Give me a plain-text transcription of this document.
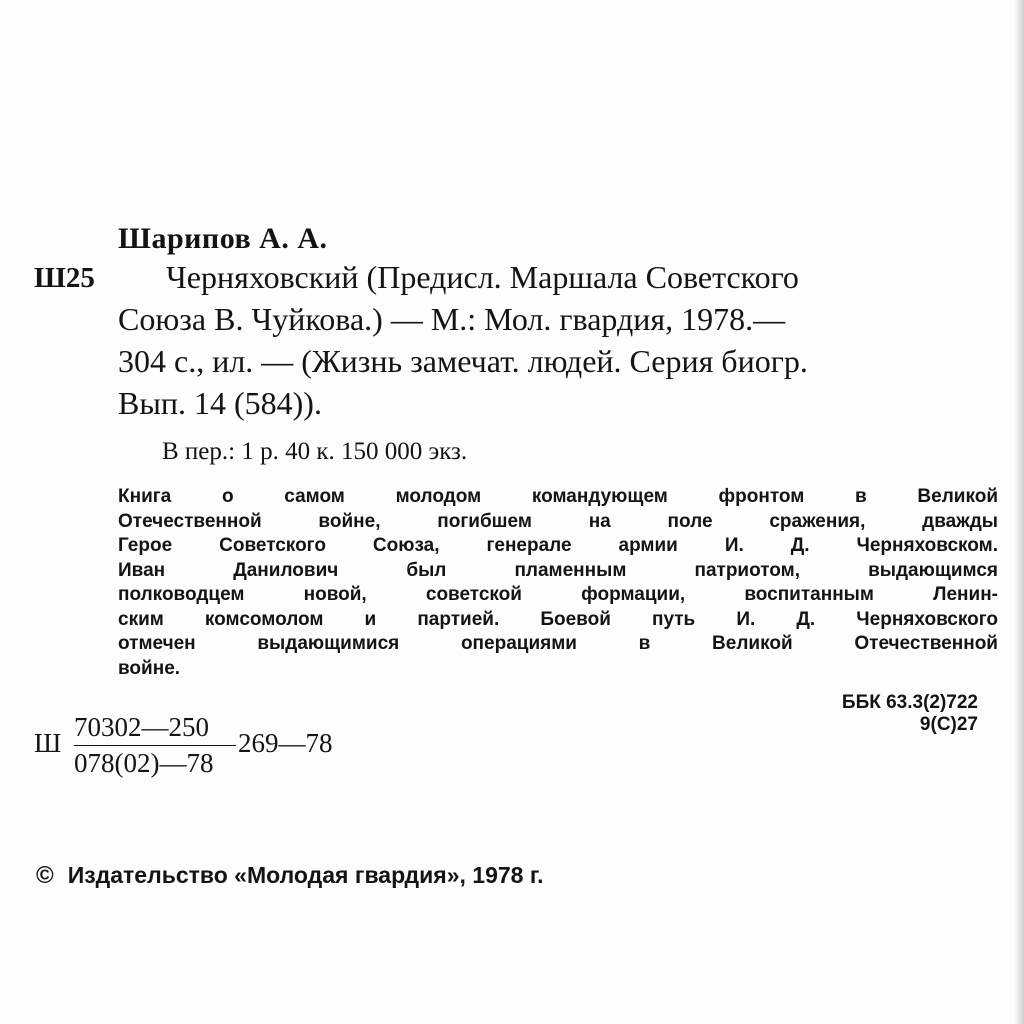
Шарипов А. А.
Ш25	Черняховский (Предисл. Маршала Советского
Союза В. Чуйкова.) — М.: Мол. гвардия, 1978.—
304 с., ил. — (Жизнь замечат. людей. Серия биогр.
Вып. 14 (584)).
В пер.: 1 р. 40 к. 150 000 экз.
Книга о самом молодом командующем фронтом в Великой
Отечественной войне, погибшем на поле сражения, дважды
Герое Советского Союза, генерале армии И. Д. Черняховском.
Иван Данилович был пламенным патриотом, выдающимся
полководцем новой, советской формации, воспитанным Ленин-
ским комсомолом и партией. Боевой путь И. Д. Черняховского
отмечен выдающимися операциями в Великой Отечественной
войне.
ББК 63.3(2)722
9(С)27
Ш $\frac{70302—250}{078(02)—78}$ 269—78
© Издательство «Молодая гвардия», 1978 г.
